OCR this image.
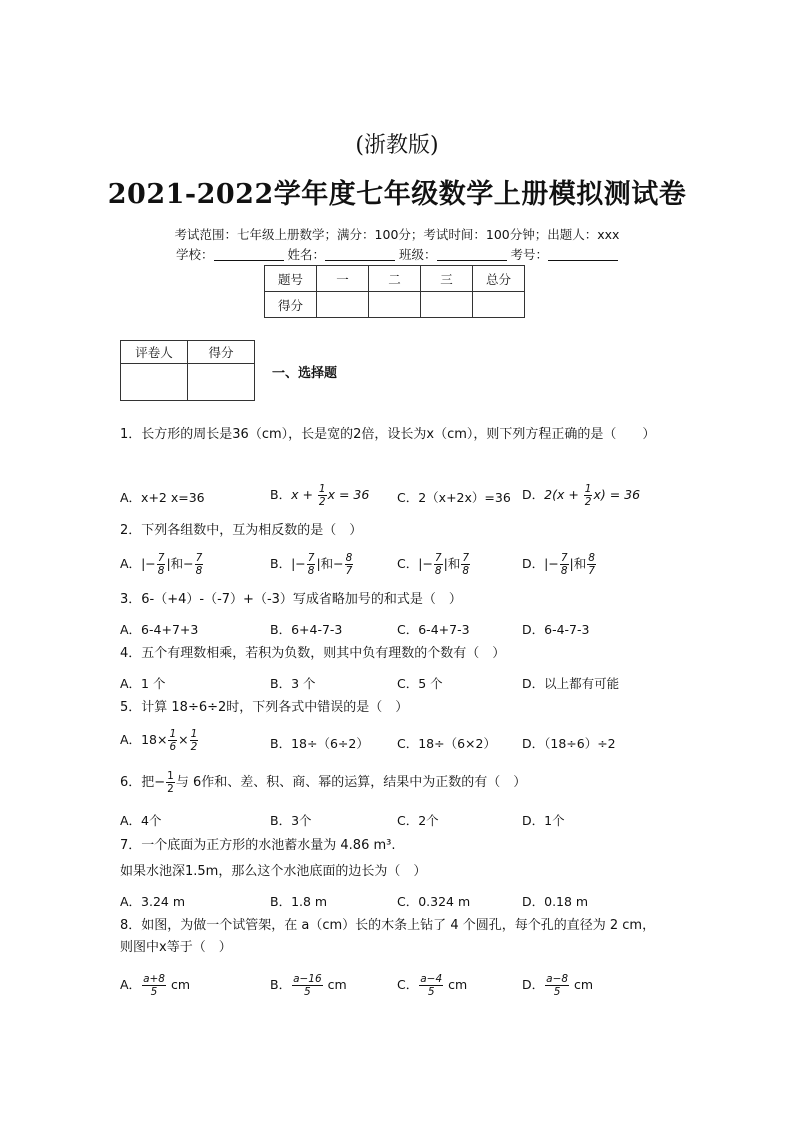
(浙教版)
2021-2022学年度七年级数学上册模拟测试卷
考试范围：七年级上册数学；满分：100分；考试时间：100分钟；出题人：xxx
学校：	姓名：	班级：	考号：
题号	一	二	三	总分
得分				
评卷人	得分

一、选择题
1．长方形的周长是36（cm），长是宽的2倍，设长为x（cm），则下列方程正确的是（　　）
A．x+2 x=36	B．$x + \frac{1}{2}$ x = 36 C．2（x+2x）=36 D．$2(x + \frac{1}{2} x) = 36$
2．下列各组数中，互为相反数的是（　）
A．|− $\frac{7}{8}$ |和− $\frac{7}{8}$	B．|− $\frac{7}{8}$ |和− $\frac{8}{7}$	C．|− $\frac{7}{8}$ |和 $\frac{7}{8}$	D．|− $\frac{7}{8}$ |和 $\frac{8}{7}$
3．6-（+4）-（-7）+（-3）写成省略加号的和式是（　）
A．6-4+7+3	B．6+4-7-3	C．6-4+7-3	D．6-4-7-3
4．五个有理数相乘，若积为负数，则其中负有理数的个数有（　）
A．1 个	B．3 个	C．5 个	D．以上都有可能
5．计算 18÷6÷2时，下列各式中错误的是（　）
A．$18\times \frac{1}{6} \times \frac{1}{2}$	B．18÷（6÷2） C．18÷（6×2） D．（18÷6）÷2
6．把− $\frac{1}{2}$ 与 6作和、差、积、商、幂的运算，结果中为正数的有（　）
A．4个	B．3个	C．2个	D．1个
7．一个底面为正方形的水池蓄水量为 4.86 m³.
如果水池深1.5m，那么这个水池底面的边长为（　）
A．3.24 m	B．1.8 m	C．0.324 m	D．0.18 m
8．如图，为做一个试管架，在 a（cm）长的木条上钻了 4 个圆孔，每个孔的直径为 2 cm，则图中x等于（　）
A． $\frac{a+8}{5}$ cm	B． $\frac{a-16}{5}$ cm	C． $\frac{a-4}{5}$ cm	D． $\frac{a-8}{5}$ cm
